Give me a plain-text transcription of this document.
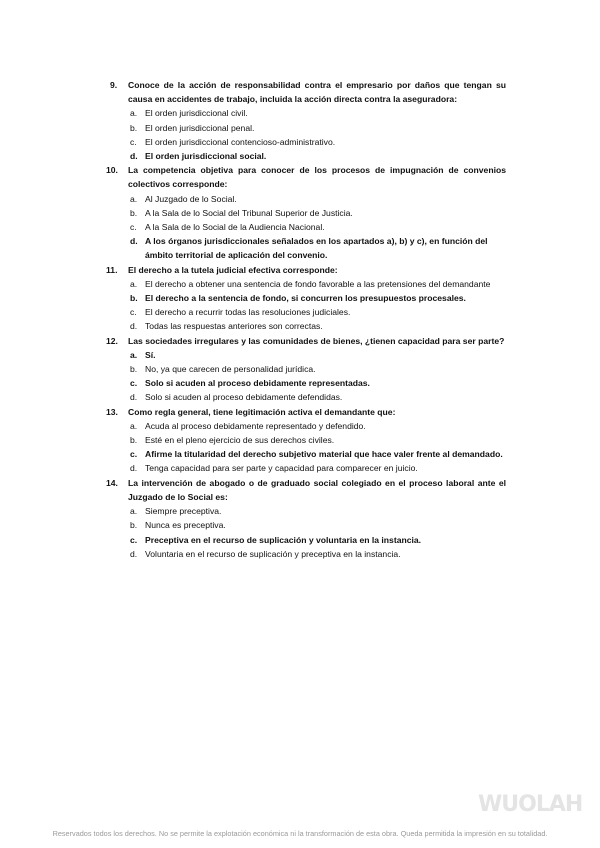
9. Conoce de la acción de responsabilidad contra el empresario por daños que tengan su causa en accidentes de trabajo, incluida la acción directa contra la aseguradora:
a. El orden jurisdiccional civil.
b. El orden jurisdiccional penal.
c. El orden jurisdiccional contencioso-administrativo.
d. El orden jurisdiccional social.
10. La competencia objetiva para conocer de los procesos de impugnación de convenios colectivos corresponde:
a. Al Juzgado de lo Social.
b. A la Sala de lo Social del Tribunal Superior de Justicia.
c. A la Sala de lo Social de la Audiencia Nacional.
d. A los órganos jurisdiccionales señalados en los apartados a), b) y c), en función del ámbito territorial de aplicación del convenio.
11. El derecho a la tutela judicial efectiva corresponde:
a. El derecho a obtener una sentencia de fondo favorable a las pretensiones del demandante
b. El derecho a la sentencia de fondo, si concurren los presupuestos procesales.
c. El derecho a recurrir todas las resoluciones judiciales.
d. Todas las respuestas anteriores son correctas.
12. Las sociedades irregulares y las comunidades de bienes, ¿tienen capacidad para ser parte?
a. Sí.
b. No, ya que carecen de personalidad jurídica.
c. Solo si acuden al proceso debidamente representadas.
d. Solo si acuden al proceso debidamente defendidas.
13. Como regla general, tiene legitimación activa el demandante que:
a. Acuda al proceso debidamente representado y defendido.
b. Esté en el pleno ejercicio de sus derechos civiles.
c. Afirme la titularidad del derecho subjetivo material que hace valer frente al demandado.
d. Tenga capacidad para ser parte y capacidad para comparecer en juicio.
14. La intervención de abogado o de graduado social colegiado en el proceso laboral ante el Juzgado de lo Social es:
a. Siempre preceptiva.
b. Nunca es preceptiva.
c. Preceptiva en el recurso de suplicación y voluntaria en la instancia.
d. Voluntaria en el recurso de suplicación y preceptiva en la instancia.
WUOLAH
Reservados todos los derechos. No se permite la explotación económica ni la transformación de esta obra. Queda permitida la impresión en su totalidad.
